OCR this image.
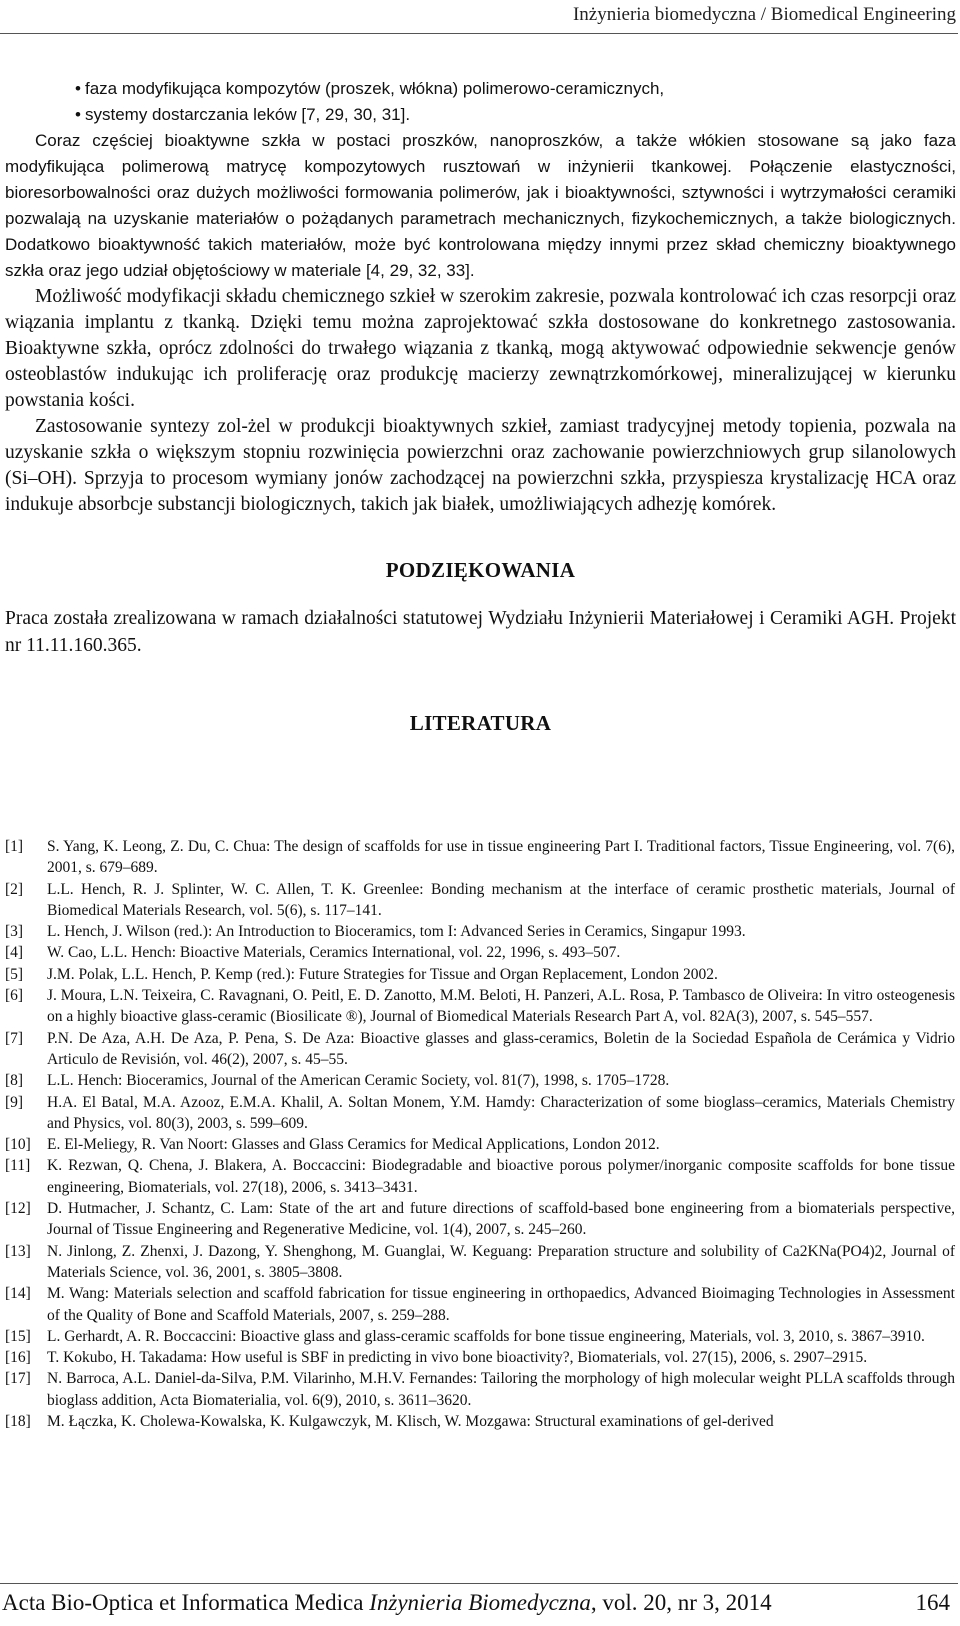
Inżynieria biomedyczna / Biomedical Engineering
• faza modyfikująca kompozytów (proszek, włókna) polimerowo-ceramicznych,
• systemy dostarczania leków [7, 29, 30, 31].

Coraz częściej bioaktywne szkła w postaci proszków, nanoproszków, a także włókien stosowane są jako faza modyfikująca polimerową matrycę kompozytowych rusztowań w inżynierii tkankowej. Połączenie elastyczności, bioresorbowalności oraz dużych możliwości formowania polimerów, jak i bioaktywności, sztywności i wytrzymałości ceramiki pozwalają na uzyskanie materiałów o pożądanych parametrach mechanicznych, fizykochemicznych, a także biologicznych. Dodatkowo bioaktywność takich materiałów, może być kontrolowana między innymi przez skład chemiczny bioaktywnego szkła oraz jego udział objętościowy w materiale [4, 29, 32, 33].

Możliwość modyfikacji składu chemicznego szkieł w szerokim zakresie, pozwala kontrolować ich czas resorpcji oraz wiązania implantu z tkanką. Dzięki temu można zaprojektować szkła dostosowane do konkretnego zastosowania. Bioaktywne szkła, oprócz zdolności do trwałego wiązania z tkanką, mogą aktywować odpowiednie sekwencje genów osteoblastów indukując ich proliferację oraz produkcję macierzy zewnątrzkomórkowej, mineralizującej w kierunku powstania kości.

Zastosowanie syntezy zol-żel w produkcji bioaktywnych szkieł, zamiast tradycyjnej metody topienia, pozwala na uzyskanie szkła o większym stopniu rozwinięcia powierzchni oraz zachowanie powierzchniowych grup silanolowych (Si–OH). Sprzyja to procesom wymiany jonów zachodzącej na powierzchni szkła, przyspiesza krystalizację HCA oraz indukuje absorbcje substancji biologicznych, takich jak białek, umożliwiających adhezję komórek.

PODZIĘKOWANIA

Praca została zrealizowana w ramach działalności statutowej Wydziału Inżynierii Materiałowej i Ceramiki AGH. Projekt nr 11.11.160.365.

LITERATURA
[1]	S. Yang, K. Leong, Z. Du, C. Chua: The design of scaffolds for use in tissue engineering Part I. Traditional factors, Tissue Engineering, vol. 7(6), 2001, s. 679–689.
[2]	L.L. Hench, R. J. Splinter, W. C. Allen, T. K. Greenlee: Bonding mechanism at the interface of ceramic prosthetic materials, Journal of Biomedical Materials Research, vol. 5(6), s. 117–141.
[3]	L. Hench, J. Wilson (red.): An Introduction to Bioceramics, tom I: Advanced Series in Ceramics, Singapur 1993.
[4]	W. Cao, L.L. Hench: Bioactive Materials, Ceramics International, vol. 22, 1996, s. 493–507.
[5]	J.M. Polak, L.L. Hench, P. Kemp (red.): Future Strategies for Tissue and Organ Replacement, London 2002.
[6]	J. Moura, L.N. Teixeira, C. Ravagnani, O. Peitl, E. D. Zanotto, M.M. Beloti, H. Panzeri, A.L. Rosa, P. Tambasco de Oliveira: In vitro osteogenesis on a highly bioactive glass-ceramic (Biosilicate ®), Journal of Biomedical Materials Research Part A, vol. 82A(3), 2007, s. 545–557.
[7]	P.N. De Aza, A.H. De Aza, P. Pena, S. De Aza: Bioactive glasses and glass-ceramics, Boletin de la Sociedad Española de Cerámica y Vidrio Articulo de Revisión, vol. 46(2), 2007, s. 45–55.
[8]	L.L. Hench: Bioceramics, Journal of the American Ceramic Society, vol. 81(7), 1998, s. 1705–1728.
[9]	H.A. El Batal, M.A. Azooz, E.M.A. Khalil, A. Soltan Monem, Y.M. Hamdy: Characterization of some bioglass–ceramics, Materials Chemistry and Physics, vol. 80(3), 2003, s. 599–609.
[10]	E. El-Meliegy, R. Van Noort: Glasses and Glass Ceramics for Medical Applications, London 2012.
[11]	K. Rezwan, Q. Chena, J. Blakera, A. Boccaccini: Biodegradable and bioactive porous polymer/inorganic composite scaffolds for bone tissue engineering, Biomaterials, vol. 27(18), 2006, s. 3413–3431.
[12]	D. Hutmacher, J. Schantz, C. Lam: State of the art and future directions of scaffold-based bone engineering from a biomaterials perspective, Journal of Tissue Engineering and Regenerative Medicine, vol. 1(4), 2007, s. 245–260.
[13]	N. Jinlong, Z. Zhenxi, J. Dazong, Y. Shenghong, M. Guanglai, W. Keguang: Preparation structure and solubility of Ca2KNa(PO4)2, Journal of Materials Science, vol. 36, 2001, s. 3805–3808.
[14]	M. Wang: Materials selection and scaffold fabrication for tissue engineering in orthopaedics, Advanced Bioimaging Technologies in Assessment of the Quality of Bone and Scaffold Materials, 2007, s. 259–288.
[15]	L. Gerhardt, A. R. Boccaccini: Bioactive glass and glass-ceramic scaffolds for bone tissue engineering, Materials, vol. 3, 2010, s. 3867–3910.
[16]	T. Kokubo, H. Takadama: How useful is SBF in predicting in vivo bone bioactivity?, Biomaterials, vol. 27(15), 2006, s. 2907–2915.
[17]	N. Barroca, A.L. Daniel-da-Silva, P.M. Vilarinho, M.H.V. Fernandes: Tailoring the morphology of high molecular weight PLLA scaffolds through bioglass addition, Acta Biomaterialia, vol. 6(9), 2010, s. 3611–3620.
[18]	M. Łączka, K. Cholewa-Kowalska, K. Kulgawczyk, M. Klisch, W. Mozgawa: Structural examinations of gel-derived
Acta Bio-Optica et Informatica Medica Inżynieria Biomedyczna, vol. 20, nr 3, 2014	164
